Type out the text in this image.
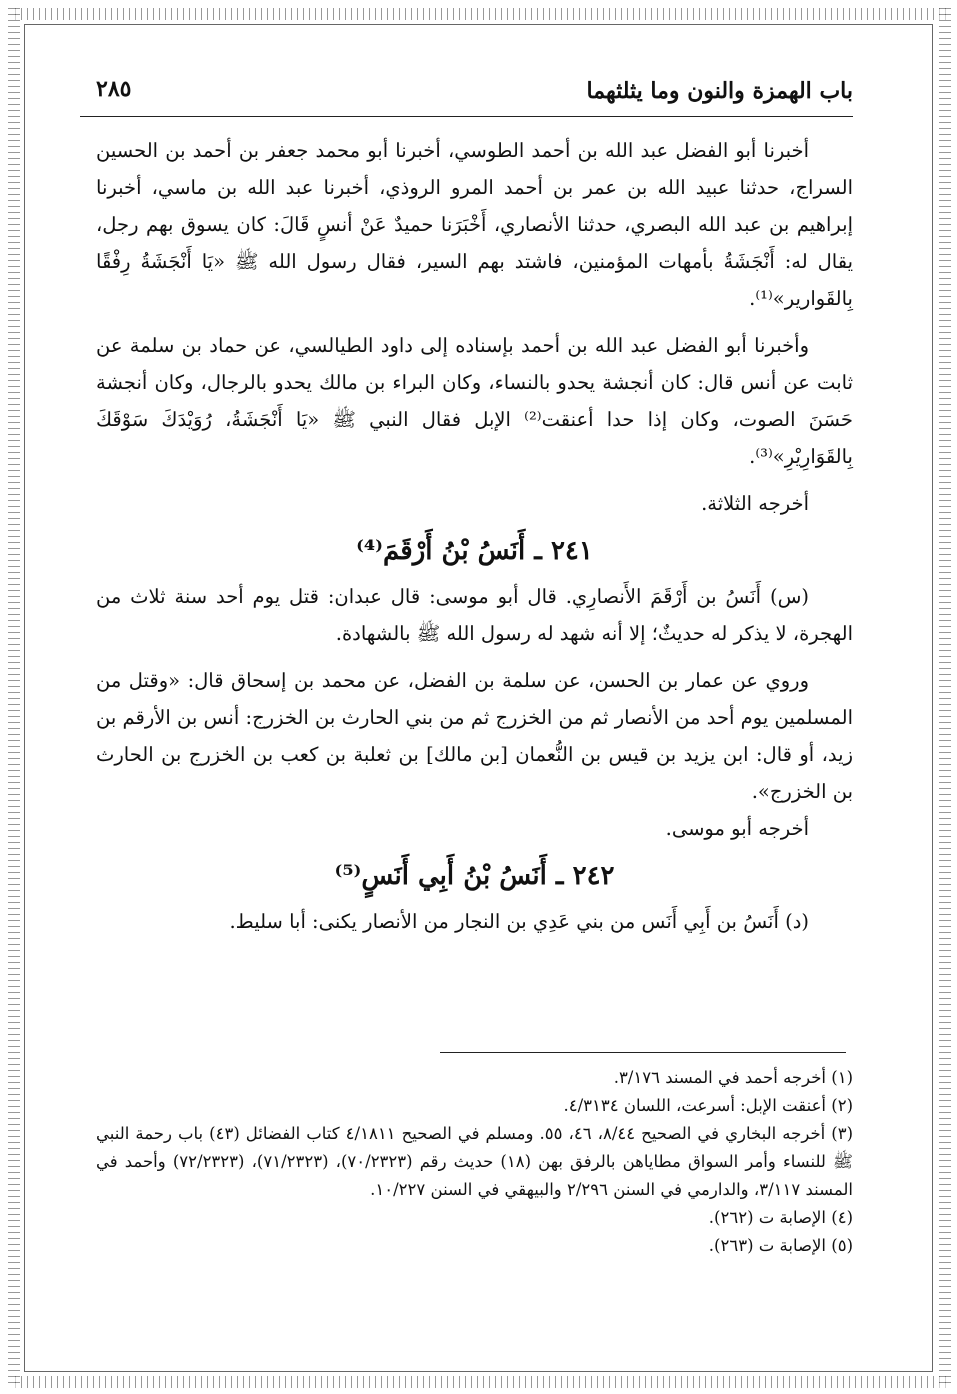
٢٨٥	باب الهمزة والنون وما يثلثهما

أخبرنا أبو الفضل عبد الله بن أحمد الطوسي، أخبرنا أبو محمد جعفر بن أحمد بن الحسين السراج، حدثنا عبيد الله بن عمر بن أحمد المرو الروذي، أخبرنا عبد الله بن ماسي، أخبرنا إبراهيم بن عبد الله البصري، حدثنا الأنصاري، أَخْبَرَنا حميدٌ عَنْ أنسٍ قَالَ: كان يسوق بهم رجل، يقال له: أَنْجَشَةُ بأمهات المؤمنين، فاشتد بهم السير، فقال رسول الله ﷺ «يَا أَنْجَشَةُ رِفْقًا بِالقَوارير»⁽¹⁾.

وأخبرنا أبو الفضل عبد الله بن أحمد بإسناده إلى داود الطيالسي، عن حماد بن سلمة عن ثابت عن أنس قال: كان أنجشة يحدو بالنساء، وكان البراء بن مالك يحدو بالرجال، وكان أنجشة حَسَنَ الصوت، وكان إذا حدا أعنقت⁽²⁾ الإبل فقال النبي ﷺ «يَا أَنْجَشَةُ، رُوَيْدَكَ سَوْقَكَ بِالقَوَارِيْرِ»⁽³⁾.

أخرجه الثلاثة.

٢٤١ ـ أَنَسُ بْنُ أَرْقَمَ⁽⁴⁾

(س) أَنَسُ بن أَرْقَمَ الأَنصارِي. قال أبو موسى: قال عبدان: قتل يوم أحد سنة ثلاث من الهجرة، لا يذكر له حديثٌ؛ إلا أنه شهد له رسول الله ﷺ بالشهادة.

وروي عن عمار بن الحسن، عن سلمة بن الفضل، عن محمد بن إسحاق قال: «وقتل من المسلمين يوم أحد من الأنصار ثم من الخزرج ثم من بني الحارث بن الخزرج: أنس بن الأرقم بن زيد، أو قال: ابن يزيد بن قيس بن النُّعمان [بن مالك] بن ثعلبة بن كعب بن الخزرج بن الحارث بن الخزرج».

أخرجه أبو موسى.

٢٤٢ ـ أَنَسُ بْنُ أَبِي أَنَسٍ⁽⁵⁾

(د) أَنَسُ بن أَبِي أَنَس من بني عَدِي بن النجار من الأنصار يكنى: أبا سليط.

(١) أخرجه أحمد في المسند ٣/١٧٦.

(٢) أعنقت الإبل: أسرعت، اللسان ٤/٣١٣٤.

(٣) أخرجه البخاري في الصحيح ٨/٤٤، ٤٦، ٥٥. ومسلم في الصحيح ٤/١٨١١ كتاب الفضائل (٤٣) باب رحمة النبي ﷺ للنساء وأمر السواق مطاياهن بالرفق بهن (١٨) حديث رقم (٧٠/٢٣٢٣)، (٧١/٢٣٢٣)، (٧٢/٢٣٢٣) وأحمد في المسند ٣/١١٧، والدارمي في السنن ٢/٢٩٦ والبيهقي في السنن ١٠/٢٢٧.

(٤) الإصابة ت (٢٦٢).

(٥) الإصابة ت (٢٦٣).
